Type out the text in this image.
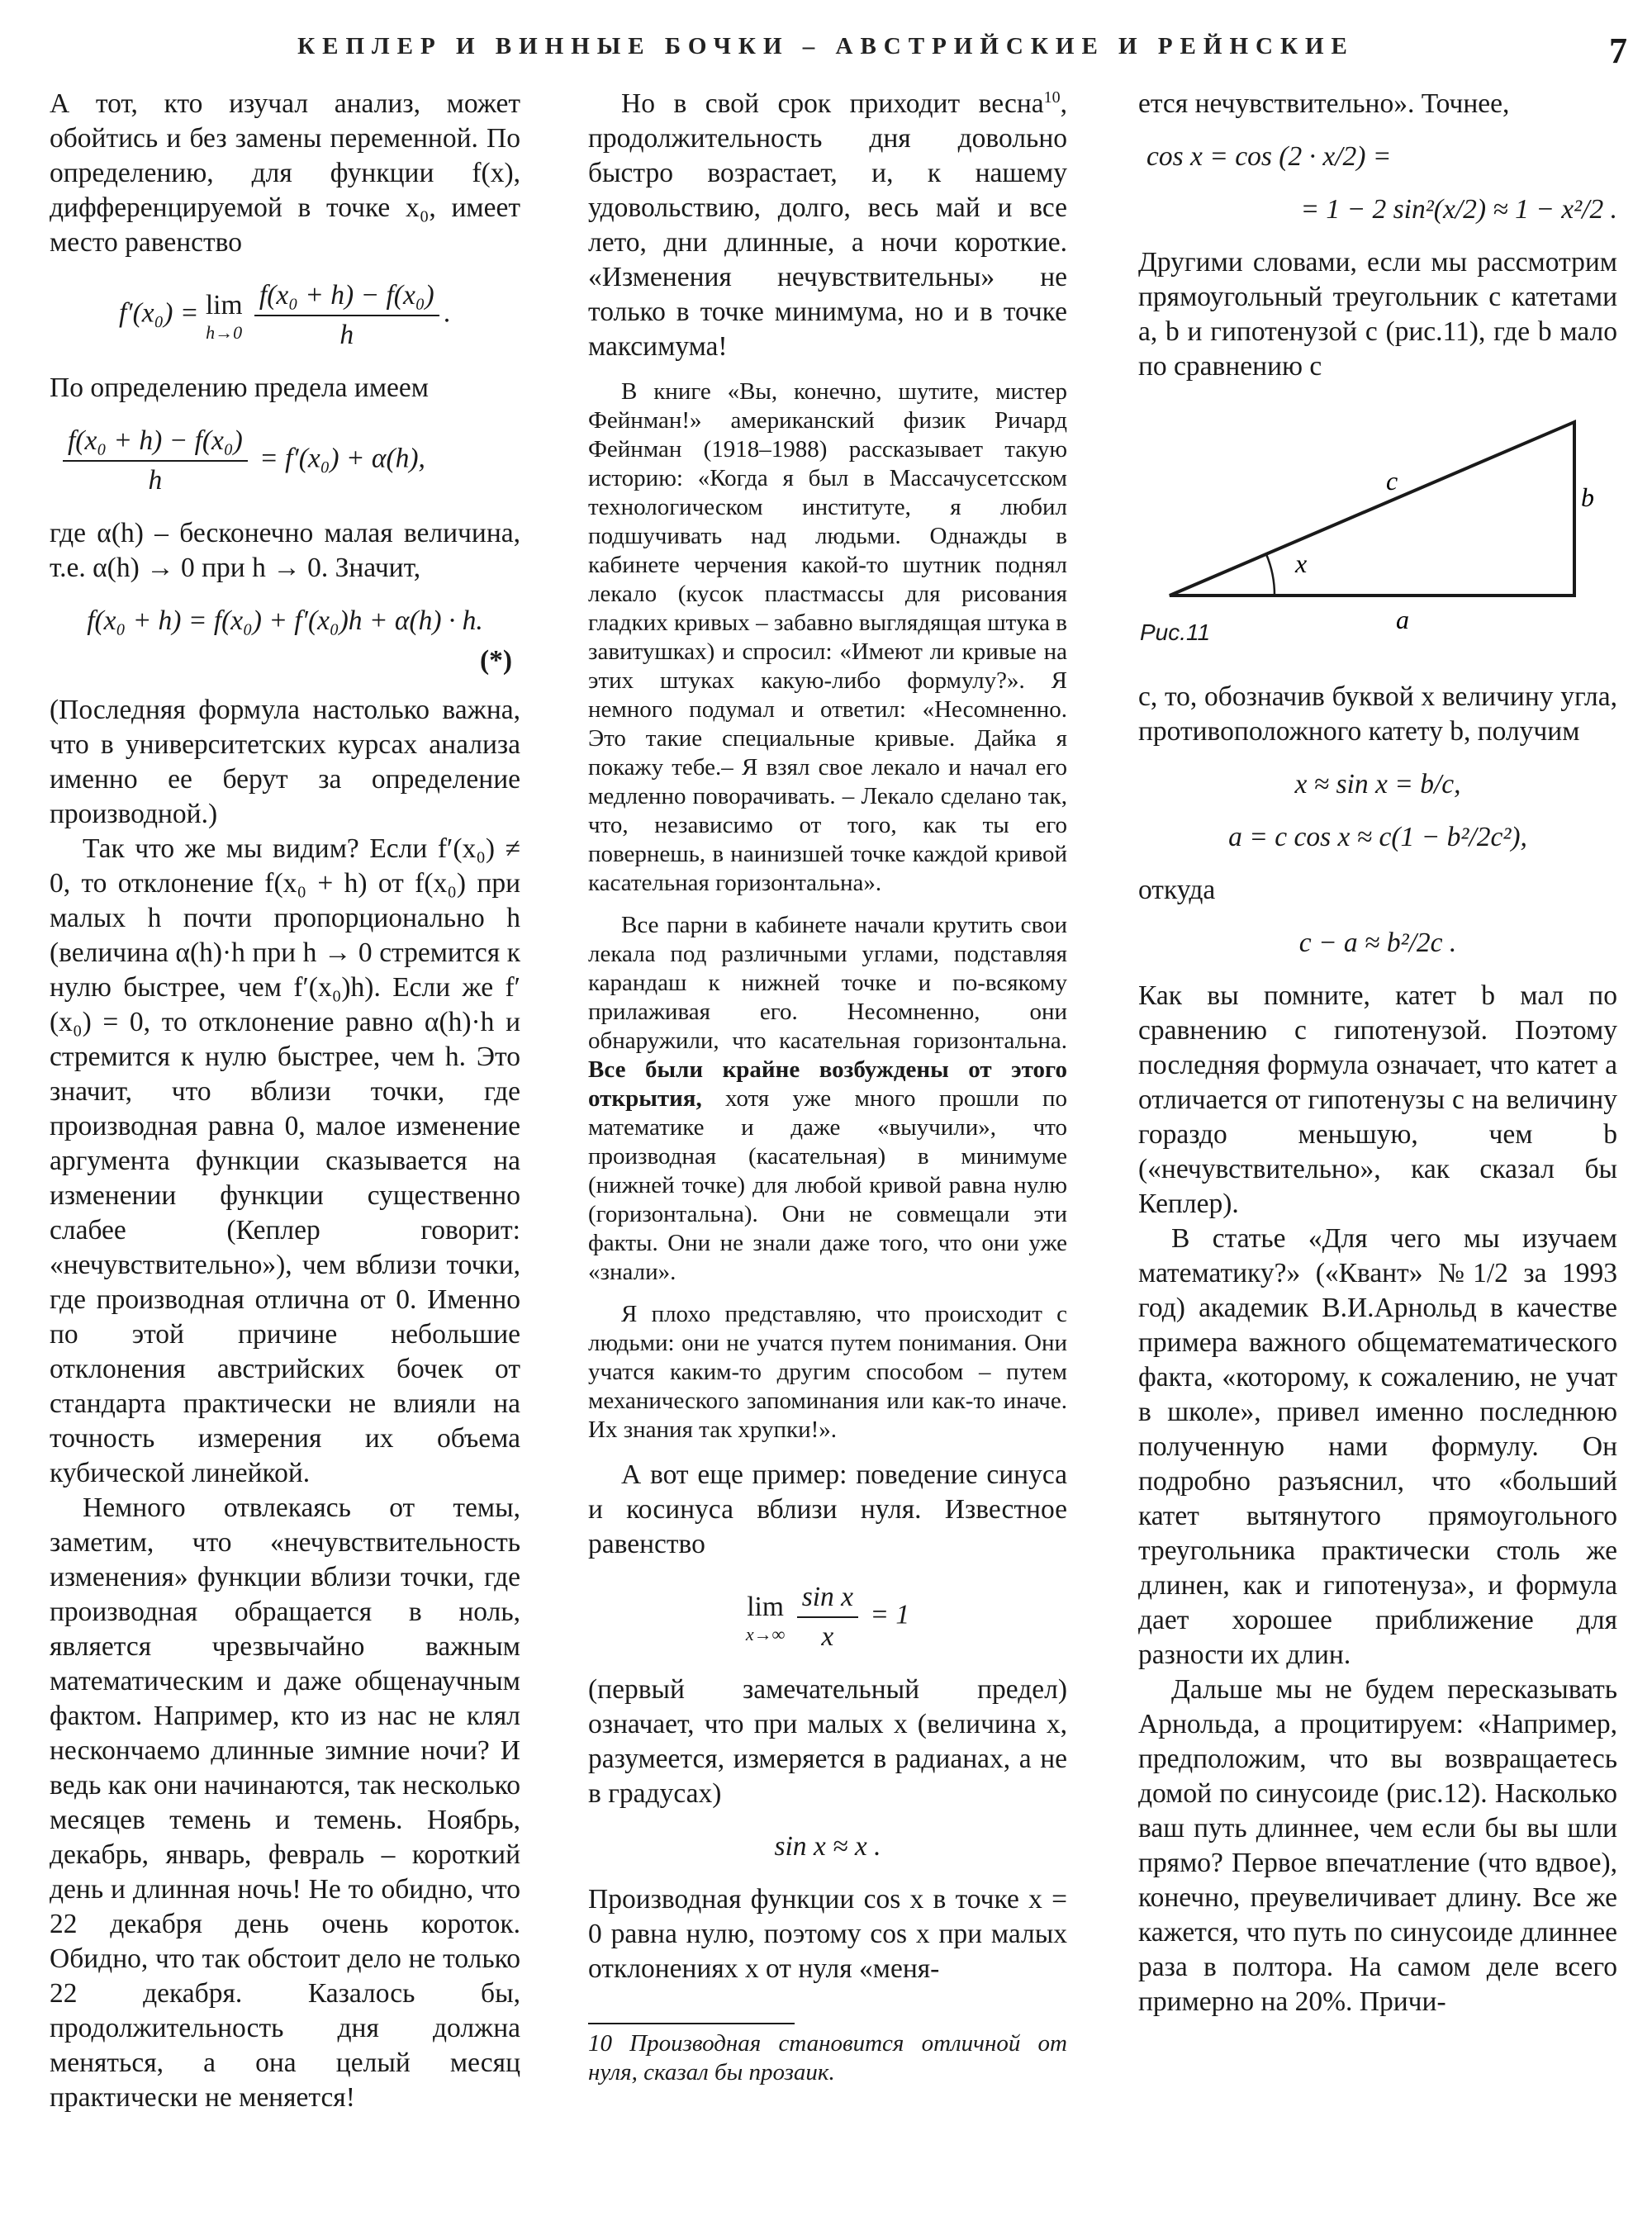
КЕПЛЕР И ВИННЫЕ БОЧКИ – АВСТРИЙСКИЕ И РЕЙНСКИЕ	7

А тот, кто изучал анализ, может обойтись и без замены переменной. По определению, для функции f(x), дифференцируемой в точке x₀, имеет место равенство

f′(x₀) = lim
h→0
$\frac{\text{f(x₀ + h) − f(x₀)}}{h}$ .

По определению предела имеем

$\frac{\text{f(x₀ + h) − f(x₀)}}{h} = f'(x_0) + \alpha(h)$,

где α(h) – бесконечно малая величина, т.е. α(h) → 0 при h → 0. Значит,

f(x₀ + h) = f(x₀) + f′(x₀)h + α(h) · h.
(*)

(Последняя формула настолько важна, что в университетских курсах анализа именно ее берут за определение производной.)

Так что же мы видим? Если f′(x₀) ≠ 0, то отклонение f(x₀ + h) от f(x₀) при малых h почти пропорционально h (величина α(h)·h при h → 0 стремится к нулю быстрее, чем f′(x₀)h). Если же f′(x₀) = 0, то отклонение равно α(h)·h и стремится к нулю быстрее, чем h. Это значит, что вблизи точки, где производная равна 0, малое изменение аргумента функции сказывается на изменении функции существенно слабее (Кеплер говорит: «нечувствительно»), чем вблизи точки, где производная отлична от 0. Именно по этой причине небольшие отклонения австрийских бочек от стандарта практически не влияли на точность измерения их объема кубической линейкой.

Немного отвлекаясь от темы, заметим, что «нечувствительность изменения» функции вблизи точки, где производная обращается в ноль, является чрезвычайно важным математическим и даже общенаучным фактом. Например, кто из нас не клял нескончаемо длинные зимние ночи? И ведь как они начинаются, так несколько месяцев темень и темень. Ноябрь, декабрь, январь, февраль – короткий день и длинная ночь! Не то обидно, что 22 декабря день очень короток. Обидно, что так обстоит дело не только 22 декабря. Казалось бы, продолжительность дня должна меняться, а она целый месяц практически не меняется!

Но в свой срок приходит весна$^{10}$, продолжительность дня довольно быстро возрастает, и, к нашему удовольствию, долго, весь май и все лето, дни длинные, а ночи короткие. «Изменения нечувствительны» не только в точке минимума, но и в точке максимума!

В книге «Вы, конечно, шутите, мистер Фейнман!» американский физик Ричард Фейнман (1918–1988) рассказывает такую историю: «Когда я был в Массачусетсском технологическом институте, я любил подшучивать над людьми. Однажды в кабинете черчения какой-то шутник поднял лекало (кусок пластмассы для рисования гладких кривых – забавно выглядящая штука в завитушках) и спросил: «Имеют ли кривые на этих штуках какую-либо формулу?». Я немного подумал и ответил: «Несомненно. Это такие специальные кривые. Дайка я покажу тебе.– Я взял свое лекало и начал его медленно поворачивать. – Лекало сделано так, что, независимо от того, как ты его повернешь, в наинизшей точке каждой кривой касательная горизонтальна».

Все парни в кабинете начали крутить свои лекала под различными углами, подставляя карандаш к нижней точке и по-всякому прилаживая его. Несомненно, они обнаружили, что касательная горизонтальна. Все были крайне возбуждены от этого открытия, хотя уже много прошли по математике и даже «выучили», что производная (касательная) в минимуме (нижней точке) для любой кривой равна нулю (горизонтальна). Они не совмещали эти факты. Они не знали даже того, что они уже «знали».

Я плохо представляю, что происходит с людьми: они не учатся путем понимания. Они учатся каким-то другим способом – путем механического запоминания или как-то иначе. Их знания так хрупки!».

А вот еще пример: поведение синуса и косинуса вблизи нуля. Известное равенство

lim
x→∞
$\frac{\text{sin x}}{x} = 1$

(первый замечательный предел) означает, что при малых x (величина x, разумеется, измеряется в радианах, а не в градусах)

sin x ≈ x .

Производная функции cos x в точке x = 0 равна нулю, поэтому cos x при малых отклонениях x от нуля «меня-

10 Производная становится отличной от нуля, сказал бы прозаик.

ется нечувствительно». Точнее,

cos x = cos (2 · x/2) =
= 1 − 2 sin²(x/2) ≈ 1 − x²/2 .

Другими словами, если мы рассмотрим прямоугольный треугольник с катетами a, b и гипотенузой c (рис.11), где b мало по сравнению с

c
b
x
a
Рис.11

c, то, обозначив буквой x величину угла, противоположного катету b, получим

x ≈ sin x = b/c,
a = c cos x ≈ c(1 − b²/2c²),

откуда

c − a ≈ b²/2c .

Как вы помните, катет b мал по сравнению с гипотенузой. Поэтому последняя формула означает, что катет a отличается от гипотенузы c на величину гораздо меньшую, чем b («нечувствительно», как сказал бы Кеплер).

В статье «Для чего мы изучаем математику?» («Квант» №1/2 за 1993 год) академик В.И.Арнольд в качестве примера важного общематематического факта, «которому, к сожалению, не учат в школе», привел именно последнюю полученную нами формулу. Он подробно разъяснил, что «больший катет вытянутого прямоугольного треугольника практически столь же длинен, как и гипотенуза», и формула дает хорошее приближение для разности их длин.

Дальше мы не будем пересказывать Арнольда, а процитируем: «Например, предположим, что вы возвращаетесь домой по синусоиде (рис.12). Насколько ваш путь длиннее, чем если бы вы шли прямо? Первое впечатление (что вдвое), конечно, преувеличивает длину. Все же кажется, что путь по синусоиде длиннее раза в полтора. На самом деле всего примерно на 20%. Причи-
